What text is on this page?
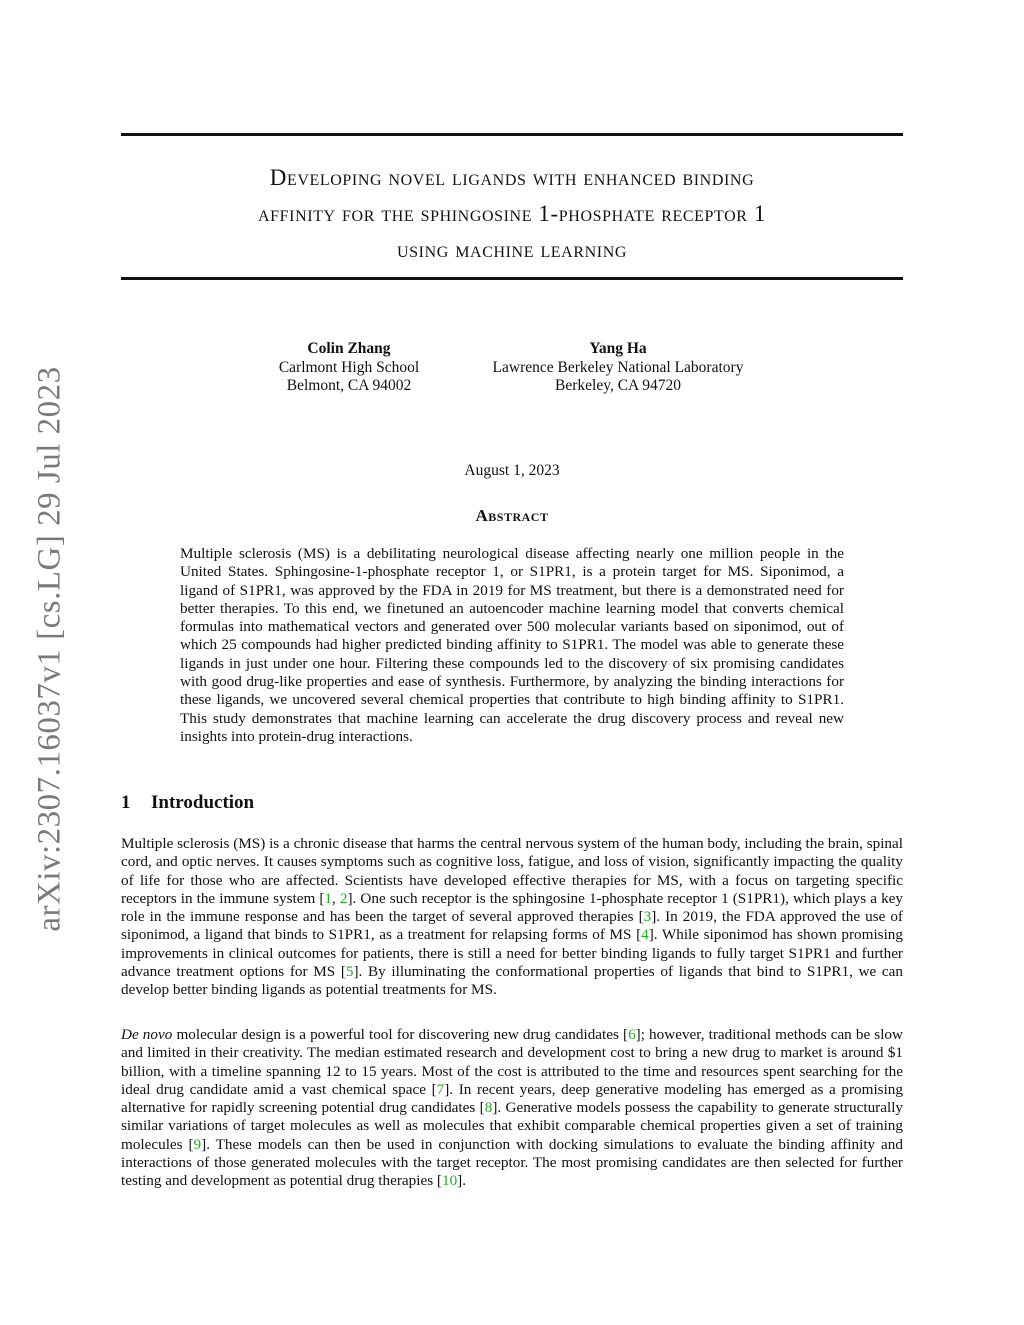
arXiv:2307.16037v1 [cs.LG] 29 Jul 2023
Developing novel ligands with enhanced binding
affinity for the sphingosine 1-phosphate receptor 1
using machine learning
Colin Zhang
Carlmont High School
Belmont, CA 94002
Yang Ha
Lawrence Berkeley National Laboratory
Berkeley, CA 94720
August 1, 2023
Abstract

Multiple sclerosis (MS) is a debilitating neurological disease affecting nearly one million people in the United States. Sphingosine-1-phosphate receptor 1, or S1PR1, is a protein target for MS. Siponimod, a ligand of S1PR1, was approved by the FDA in 2019 for MS treatment, but there is a demonstrated need for better therapies. To this end, we finetuned an autoencoder machine learning model that converts chemical formulas into mathematical vectors and generated over 500 molecular variants based on siponimod, out of which 25 compounds had higher predicted binding affinity to S1PR1. The model was able to generate these ligands in just under one hour. Filtering these compounds led to the discovery of six promising candidates with good drug-like properties and ease of synthesis. Furthermore, by analyzing the binding interactions for these ligands, we uncovered several chemical properties that contribute to high binding affinity to S1PR1. This study demonstrates that machine learning can accelerate the drug discovery process and reveal new insights into protein-drug interactions.

1 Introduction

Multiple sclerosis (MS) is a chronic disease that harms the central nervous system of the human body, including the brain, spinal cord, and optic nerves. It causes symptoms such as cognitive loss, fatigue, and loss of vision, significantly impacting the quality of life for those who are affected. Scientists have developed effective therapies for MS, with a focus on targeting specific receptors in the immune system [1, 2]. One such receptor is the sphingosine 1-phosphate receptor 1 (S1PR1), which plays a key role in the immune response and has been the target of several approved therapies [3]. In 2019, the FDA approved the use of siponimod, a ligand that binds to S1PR1, as a treatment for relapsing forms of MS [4]. While siponimod has shown promising improvements in clinical outcomes for patients, there is still a need for better binding ligands to fully target S1PR1 and further advance treatment options for MS [5]. By illuminating the conformational properties of ligands that bind to S1PR1, we can develop better binding ligands as potential treatments for MS.

De novo molecular design is a powerful tool for discovering new drug candidates [6]; however, traditional methods can be slow and limited in their creativity. The median estimated research and development cost to bring a new drug to market is around $1 billion, with a timeline spanning 12 to 15 years. Most of the cost is attributed to the time and resources spent searching for the ideal drug candidate amid a vast chemical space [7]. In recent years, deep generative modeling has emerged as a promising alternative for rapidly screening potential drug candidates [8]. Generative models possess the capability to generate structurally similar variations of target molecules as well as molecules that exhibit comparable chemical properties given a set of training molecules [9]. These models can then be used in conjunction with docking simulations to evaluate the binding affinity and interactions of those generated molecules with the target receptor. The most promising candidates are then selected for further testing and development as potential drug therapies [10].
